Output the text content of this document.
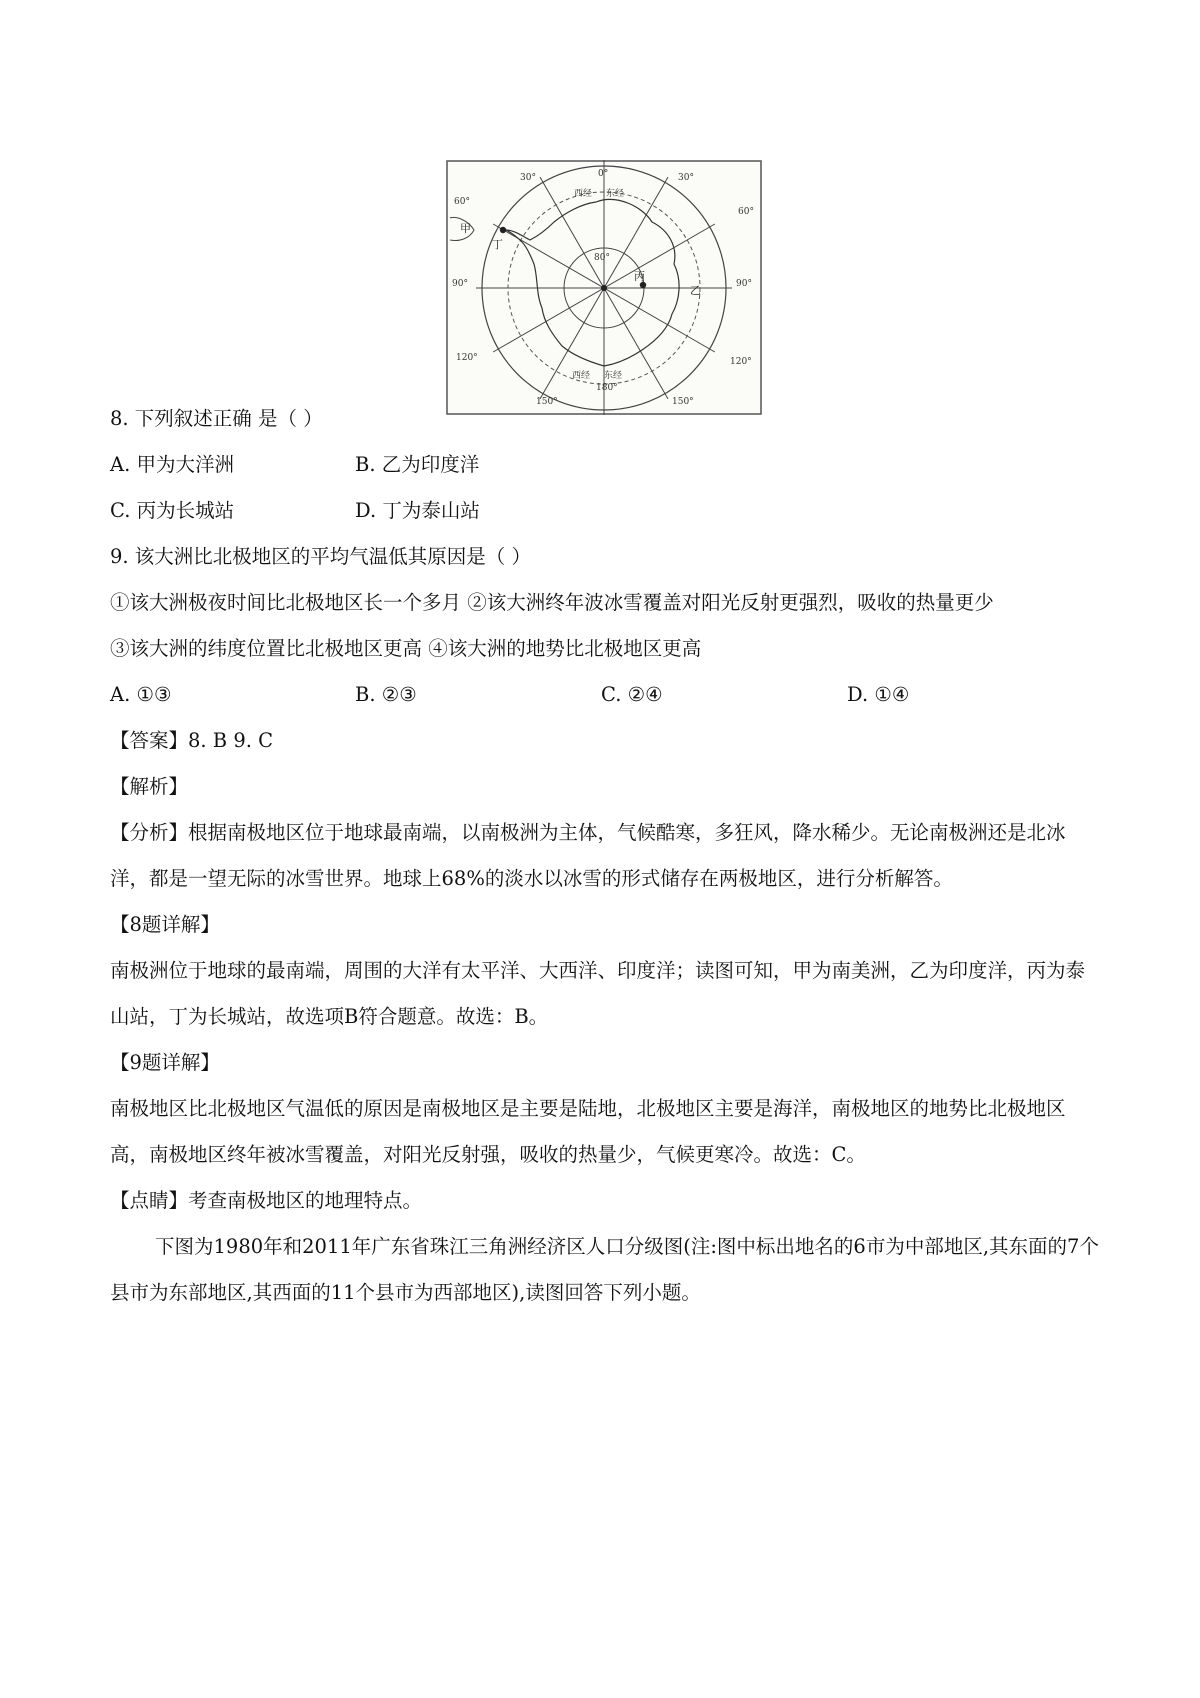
0°
30°	30°
60°
60°
90°	90°
120°	120°
150°	150°
180°
80°
西经 东经
西经 东经
甲
乙
丙
丁
8. 下列叙述正确 是（ ）
A. 甲为大洋洲	B. 乙为印度洋
C. 丙为长城站	D. 丁为泰山站
9. 该大洲比北极地区的平均气温低其原因是（ ）
①该大洲极夜时间比北极地区长一个多月 ②该大洲终年波冰雪覆盖对阳光反射更强烈，吸收的热量更少
③该大洲的纬度位置比北极地区更高 ④该大洲的地势比北极地区更高
A. ①③	B. ②③	C. ②④	D. ①④
【答案】8. B 9. C
【解析】
【分析】根据南极地区位于地球最南端，以南极洲为主体，气候酷寒，多狂风，降水稀少。无论南极洲还是北冰洋，都是一望无际的冰雪世界。地球上68%的淡水以冰雪的形式储存在两极地区，进行分析解答。
【8题详解】
南极洲位于地球的最南端，周围的大洋有太平洋、大西洋、印度洋；读图可知，甲为南美洲，乙为印度洋，丙为泰山站，丁为长城站，故选项B符合题意。故选：B。
【9题详解】
南极地区比北极地区气温低的原因是南极地区是主要是陆地，北极地区主要是海洋，南极地区的地势比北极地区高，南极地区终年被冰雪覆盖，对阳光反射强，吸收的热量少，气候更寒冷。故选：C。
【点睛】考查南极地区的地理特点。
下图为1980年和2011年广东省珠江三角洲经济区人口分级图(注:图中标出地名的6市为中部地区,其东面的7个县市为东部地区,其西面的11个县市为西部地区),读图回答下列小题。
